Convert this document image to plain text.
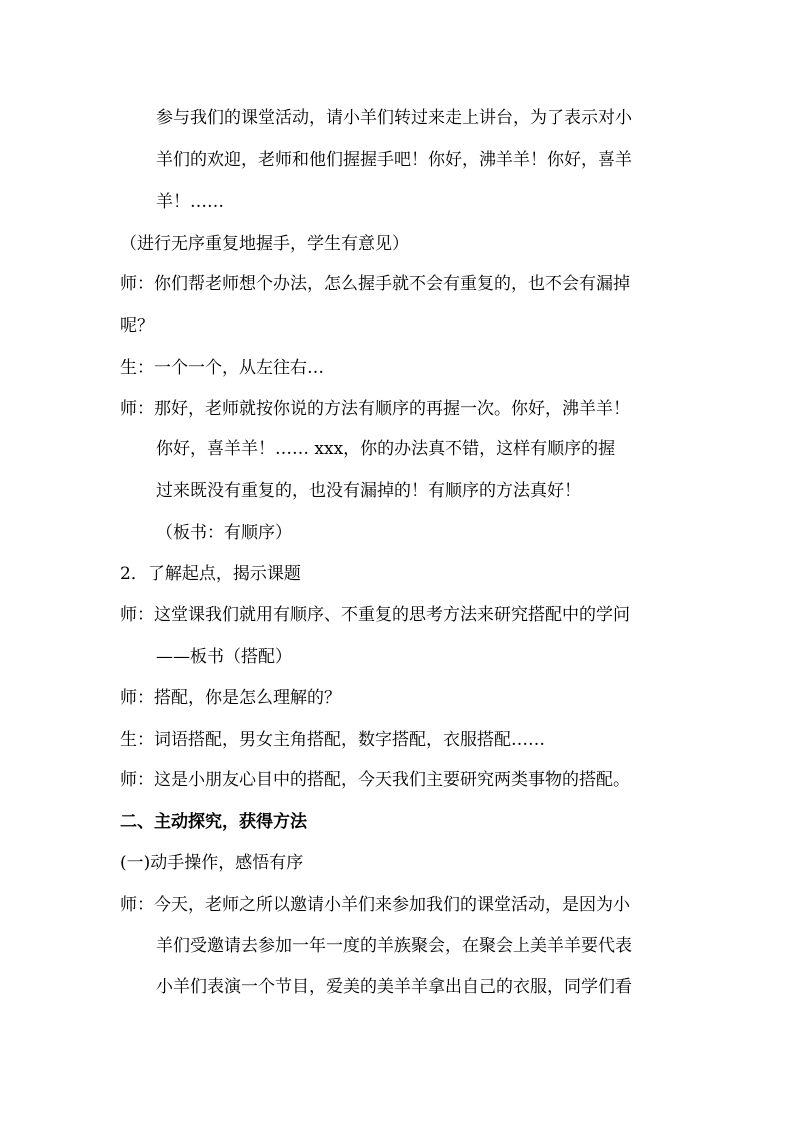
参与我们的课堂活动，请小羊们转过来走上讲台，为了表示对小
羊们的欢迎，老师和他们握握手吧！你好，沸羊羊！你好，喜羊
羊！……
（进行无序重复地握手，学生有意见）
师：你们帮老师想个办法，怎么握手就不会有重复的，也不会有漏掉
呢？
生：一个一个，从左往右…
师：那好，老师就按你说的方法有顺序的再握一次。你好，沸羊羊！
你好，喜羊羊！…… xxx，你的办法真不错，这样有顺序的握
过来既没有重复的，也没有漏掉的！有顺序的方法真好！
（板书：有顺序）
2．了解起点，揭示课题
师：这堂课我们就用有顺序、不重复的思考方法来研究搭配中的学问
——板书（搭配）
师：搭配，你是怎么理解的？
生：词语搭配，男女主角搭配，数字搭配，衣服搭配……
师：这是小朋友心目中的搭配，今天我们主要研究两类事物的搭配。
二、主动探究，获得方法
(一)动手操作，感悟有序
师：今天，老师之所以邀请小羊们来参加我们的课堂活动，是因为小
羊们受邀请去参加一年一度的羊族聚会，在聚会上美羊羊要代表
小羊们表演一个节目，爱美的美羊羊拿出自己的衣服，同学们看
